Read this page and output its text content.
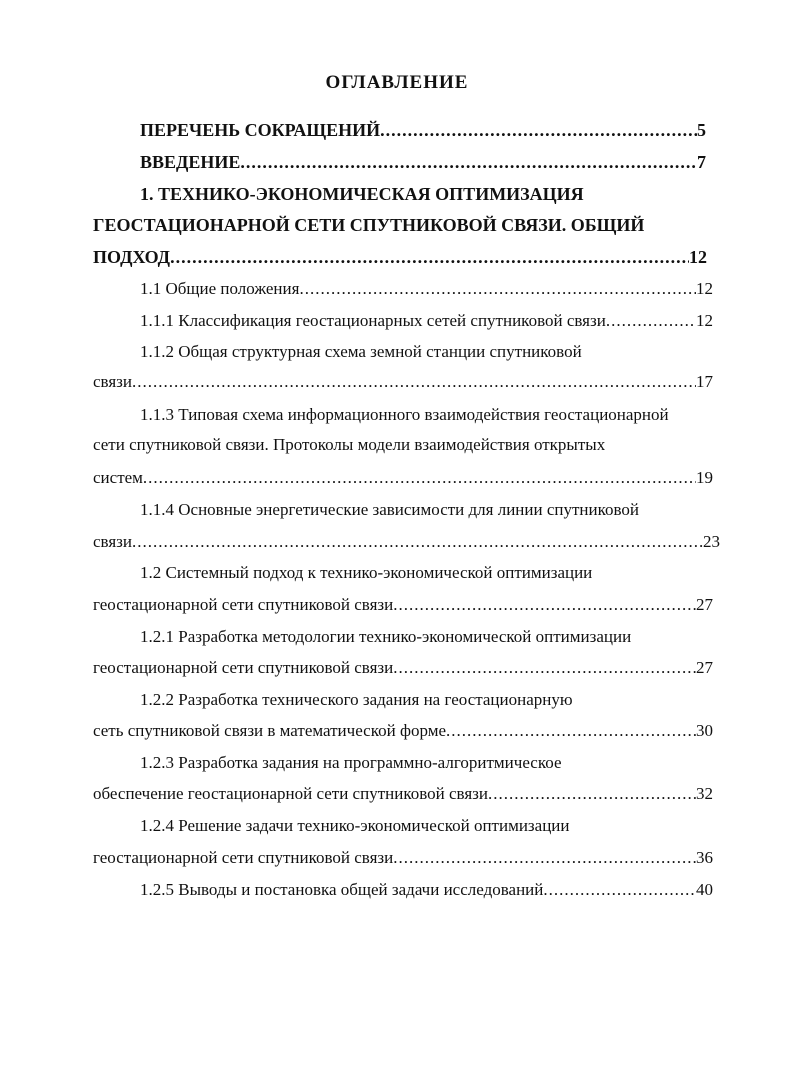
ОГЛАВЛЕНИЕ
ПЕРЕЧЕНЬ СОКРАЩЕНИЙ .....	5
ВВЕДЕНИЕ .....	7
1. ТЕХНИКО-ЭКОНОМИЧЕСКАЯ ОПТИМИЗАЦИЯ
ГЕОСТАЦИОНАРНОЙ СЕТИ СПУТНИКОВОЙ СВЯЗИ. ОБЩИЙ
ПОДХОД .....	12
1.1 Общие положения .....	12
1.1.1 Классификация геостационарных сетей спутниковой связи .....	12
1.1.2 Общая структурная схема земной станции спутниковой
связи .....	17
1.1.3 Типовая схема информационного взаимодействия геостационарной
сети спутниковой связи. Протоколы модели взаимодействия открытых
систем .....	19
1.1.4 Основные энергетические зависимости для линии спутниковой
связи .....	23
1.2 Системный подход к технико-экономической оптимизации
геостационарной сети спутниковой связи .....	27
1.2.1 Разработка методологии технико-экономической оптимизации
геостационарной сети спутниковой связи .....	27
1.2.2 Разработка технического задания на геостационарную
сеть спутниковой связи в математической форме .....	30
1.2.3 Разработка задания на программно-алгоритмическое
обеспечение геостационарной сети спутниковой связи .....	32
1.2.4 Решение задачи технико-экономической оптимизации
геостационарной сети спутниковой связи .....	36
1.2.5 Выводы и постановка общей задачи исследований .....	40
